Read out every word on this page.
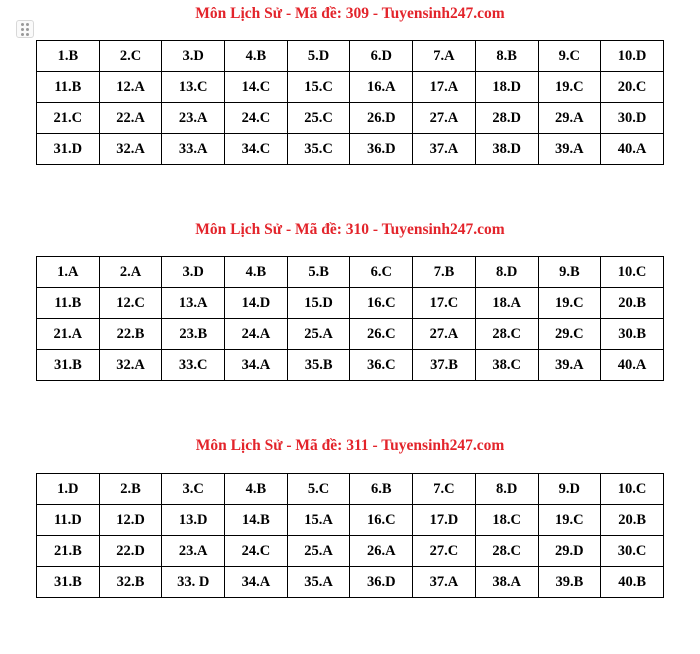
Môn Lịch Sử - Mã đề: 309 - Tuyensinh247.com
1.B	2.C	3.D	4.B	5.D	6.D	7.A	8.B	9.C	10.D
11.B	12.A	13.C	14.C	15.C	16.A	17.A	18.D	19.C	20.C
21.C	22.A	23.A	24.C	25.C	26.D	27.A	28.D	29.A	30.D
31.D	32.A	33.A	34.C	35.C	36.D	37.A	38.D	39.A	40.A
Môn Lịch Sử - Mã đề: 310 - Tuyensinh247.com
1.A	2.A	3.D	4.B	5.B	6.C	7.B	8.D	9.B	10.C
11.B	12.C	13.A	14.D	15.D	16.C	17.C	18.A	19.C	20.B
21.A	22.B	23.B	24.A	25.A	26.C	27.A	28.C	29.C	30.B
31.B	32.A	33.C	34.A	35.B	36.C	37.B	38.C	39.A	40.A
Môn Lịch Sử - Mã đề: 311 - Tuyensinh247.com
1.D	2.B	3.C	4.B	5.C	6.B	7.C	8.D	9.D	10.C
11.D	12.D	13.D	14.B	15.A	16.C	17.D	18.C	19.C	20.B
21.B	22.D	23.A	24.C	25.A	26.A	27.C	28.C	29.D	30.C
31.B	32.B	33. D	34.A	35.A	36.D	37.A	38.A	39.B	40.B
